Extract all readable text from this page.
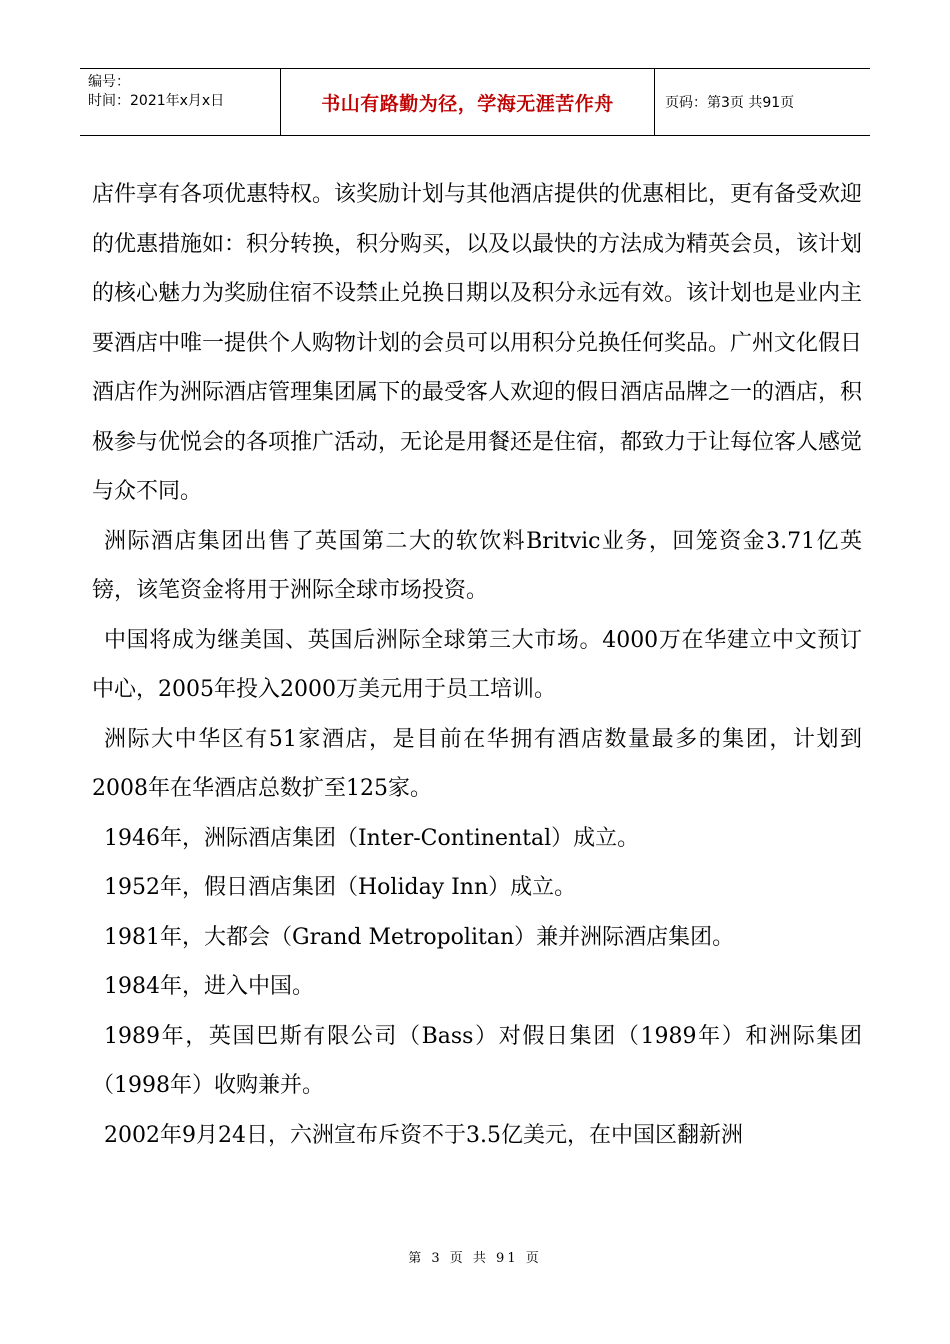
编号：
时间：2021年x月x日	书山有路勤为径，学海无涯苦作舟	页码：第3页 共91页

店件享有各项优惠特权。该奖励计划与其他酒店提供的优惠相比，更有备受欢迎的优惠措施如：积分转换，积分购买，以及以最快的方法成为精英会员，该计划的核心魅力为奖励住宿不设禁止兑换日期以及积分永远有效。该计划也是业内主要酒店中唯一提供个人购物计划的会员可以用积分兑换任何奖品。广州文化假日酒店作为洲际酒店管理集团属下的最受客人欢迎的假日酒店品牌之一的酒店，积极参与优悦会的各项推广活动，无论是用餐还是住宿，都致力于让每位客人感觉与众不同。

洲际酒店集团出售了英国第二大的软饮料Britvic业务，回笼资金3.71亿英镑，该笔资金将用于洲际全球市场投资。

中国将成为继美国、英国后洲际全球第三大市场。4000万在华建立中文预订中心，2005年投入2000万美元用于员工培训。

洲际大中华区有51家酒店，是目前在华拥有酒店数量最多的集团，计划到2008年在华酒店总数扩至125家。

1946年，洲际酒店集团（Inter-Continental）成立。

1952年，假日酒店集团（Holiday Inn）成立。

1981年，大都会（Grand Metropolitan）兼并洲际酒店集团。

1984年，进入中国。

1989年，英国巴斯有限公司（Bass）对假日集团（1989年）和洲际集团（1998年）收购兼并。

2002年9月24日，六洲宣布斥资不于3.5亿美元，在中国区翻新洲

第 3 页 共 91 页
